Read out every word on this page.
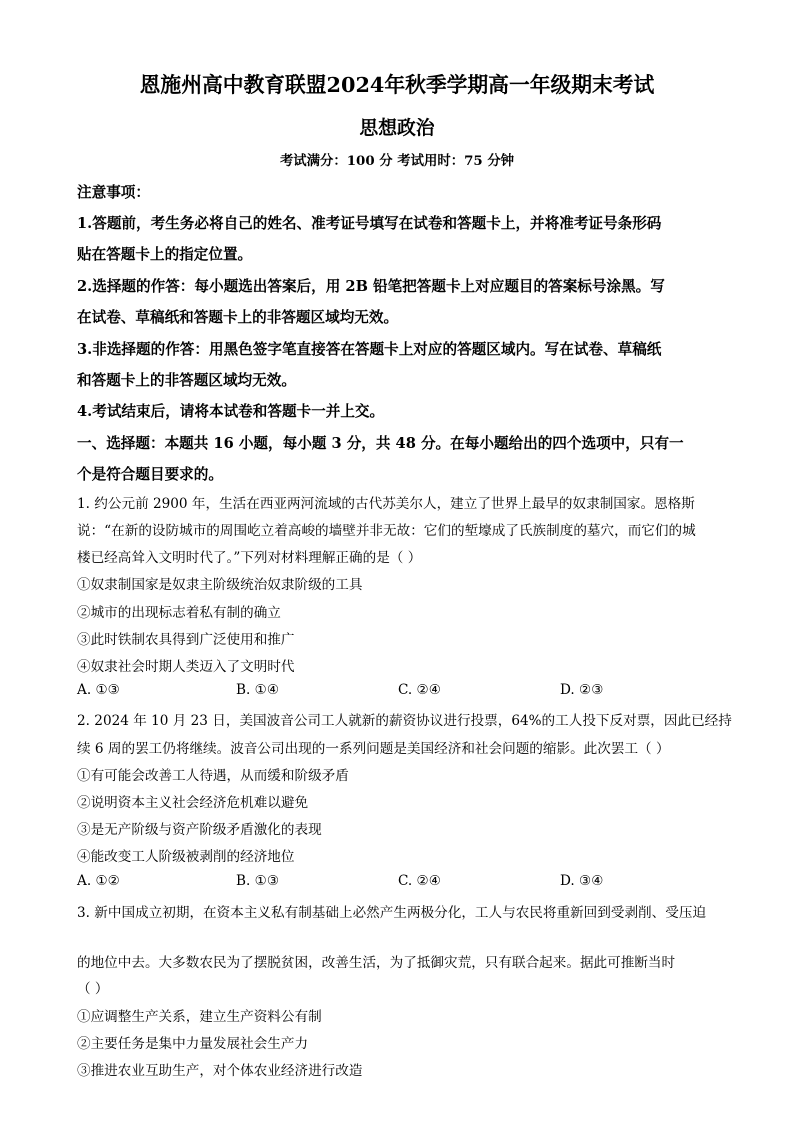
恩施州高中教育联盟2024年秋季学期高一年级期末考试
思想政治
考试满分：100 分 考试用时：75 分钟
注意事项：
1.答题前，考生务必将自己的姓名、准考证号填写在试卷和答题卡上，并将准考证号条形码
贴在答题卡上的指定位置。
2.选择题的作答：每小题选出答案后，用 2B 铅笔把答题卡上对应题目的答案标号涂黑。写
在试卷、草稿纸和答题卡上的非答题区域均无效。
3.非选择题的作答：用黑色签字笔直接答在答题卡上对应的答题区域内。写在试卷、草稿纸
和答题卡上的非答题区域均无效。
4.考试结束后，请将本试卷和答题卡一并上交。
一、选择题：本题共 16 小题，每小题 3 分，共 48 分。在每小题给出的四个选项中，只有一
个是符合题目要求的。
1. 约公元前 2900 年，生活在西亚两河流域的古代苏美尔人，建立了世界上最早的奴隶制国家。恩格斯
说：“在新的设防城市的周围屹立着高峻的墙壁并非无故：它们的堑壕成了氏族制度的墓穴，而它们的城
楼已经高耸入文明时代了。”下列对材料理解正确的是（ ）
①奴隶制国家是奴隶主阶级统治奴隶阶级的工具
②城市的出现标志着私有制的确立
③此时铁制农具得到广泛使用和推广
④奴隶社会时期人类迈入了文明时代
A. ①③	B. ①④	C. ②④	D. ②③
2. 2024 年 10 月 23 日，美国波音公司工人就新的薪资协议进行投票，64%的工人投下反对票，因此已经持
续 6 周的罢工仍将继续。波音公司出现的一系列问题是美国经济和社会问题的缩影。此次罢工（ ）
①有可能会改善工人待遇，从而缓和阶级矛盾
②说明资本主义社会经济危机难以避免
③是无产阶级与资产阶级矛盾激化的表现
④能改变工人阶级被剥削的经济地位
A. ①②	B. ①③	C. ②④	D. ③④
3. 新中国成立初期，在资本主义私有制基础上必然产生两极分化，工人与农民将重新回到受剥削、受压迫
的地位中去。大多数农民为了摆脱贫困，改善生活，为了抵御灾荒，只有联合起来。据此可推断当时
（ ）
①应调整生产关系，建立生产资料公有制
②主要任务是集中力量发展社会生产力
③推进农业互助生产，对个体农业经济进行改造
